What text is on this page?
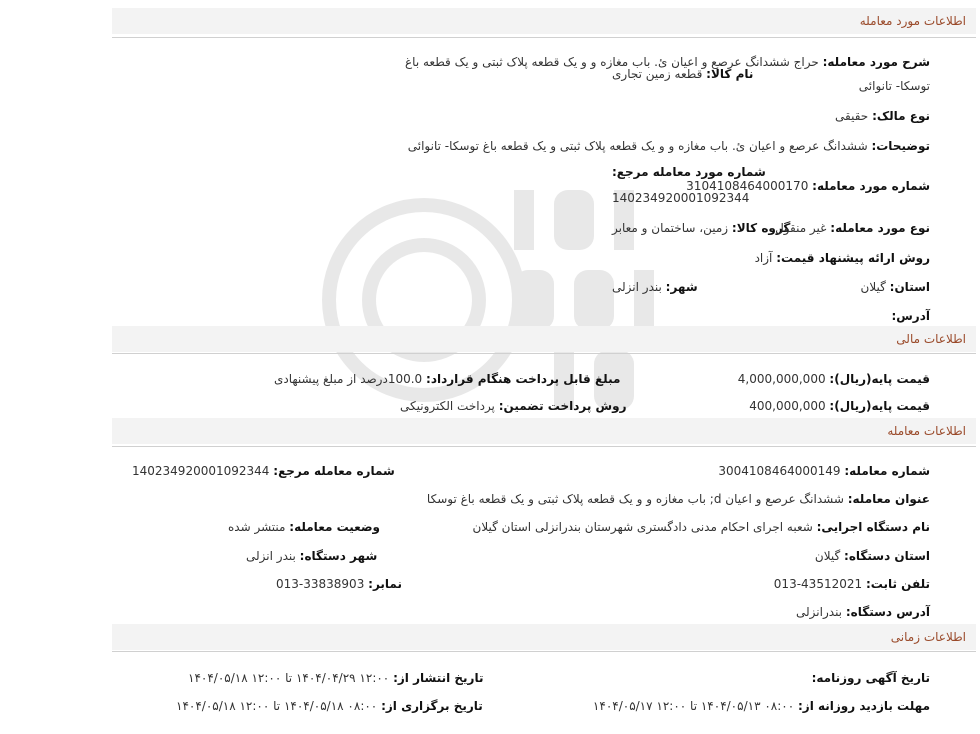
اطلاعات مورد معامله
شرح مورد معامله: حراج ششدانگ عرصع و اعیان ئ. باب مغازه و و یک قطعه پلاک ثبتی و یک قطعه باغ
توسکا- تانوائی
نام کالا: قطعه زمین تجاری
نوع مالک: حقیقی
توضیحات: ششدانگ عرصع و اعیان ئ. باب مغازه و و یک قطعه پلاک ثبتی و یک قطعه باغ توسکا- تانوائی
شماره مورد معامله مرجع:
140234920001092344
شماره مورد معامله: 3104108464000170
گروه کالا: زمین، ساختمان و معابر	نوع مورد معامله: غیر منقول
روش ارائه پیشنهاد قیمت: آزاد
شهر: بندر انزلی	استان: گیلان
آدرس:
اطلاعات مالی
قیمت پایه(ریال): 4,000,000,000
مبلغ قابل پرداخت هنگام قرارداد: 100.0درصد از مبلغ پیشنهادی
قیمت پایه(ریال): 400,000,000
روش پرداخت تضمین: پرداخت الکترونیکی
اطلاعات معامله
شماره معامله: 3004108464000149
شماره معامله مرجع: 140234920001092344
عنوان معامله: ششدانگ عرصع و اعیان d; باب مغازه و و یک قطعه پلاک ثبتی و یک قطعه باغ توسکا
وضعیت معامله: منتشر شده	نام دستگاه اجرایی: شعبه اجرای احکام مدنی دادگستری شهرستان بندرانزلی استان گیلان
شهر دستگاه: بندر انزلی	استان دستگاه: گیلان
نمابر: 33838903-013	تلفن ثابت: 43512021-013
آدرس دستگاه: بندرانزلی
اطلاعات زمانی
تاریخ آگهی روزنامه:
تاریخ انتشار از: ۱۲:۰۰ ۱۴۰۴/۰۴/۲۹ تا ۱۲:۰۰ ۱۴۰۴/۰۵/۱۸
مهلت بازدید روزانه از: ۰۸:۰۰ ۱۴۰۴/۰۵/۱۳ تا ۱۲:۰۰ ۱۴۰۴/۰۵/۱۷
تاریخ برگزاری از: ۰۸:۰۰ ۱۴۰۴/۰۵/۱۸ تا ۱۲:۰۰ ۱۴۰۴/۰۵/۱۸
